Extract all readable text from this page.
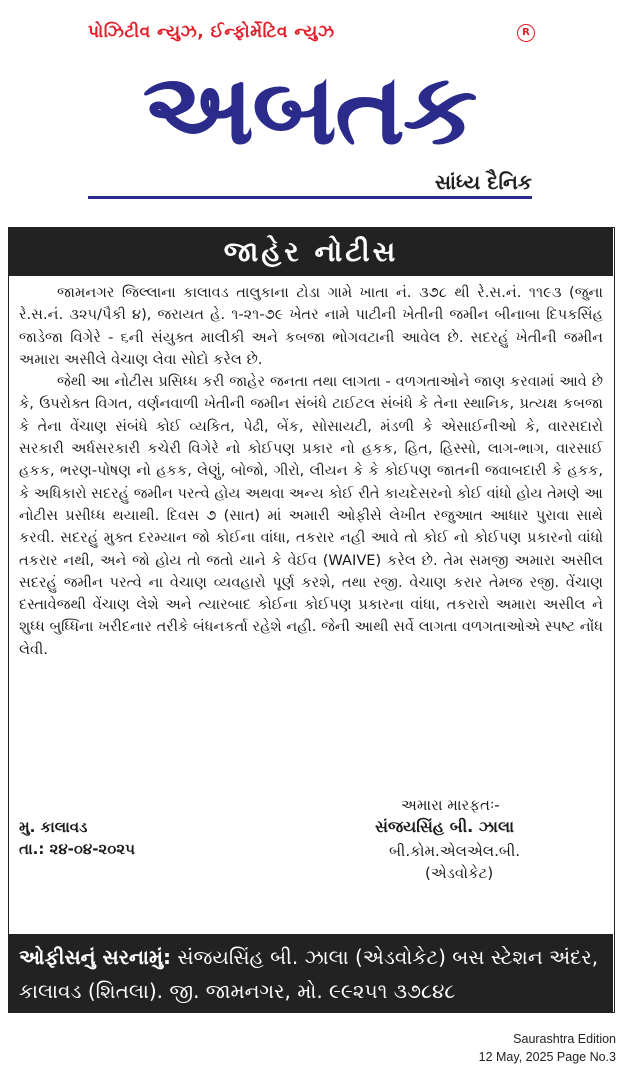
પોઝિટીવ ન્યુઝ, ઈન્ફોર્મેટિવ ન્યુઝ	R
અબતક
સાંધ્ય દૈનિક
જાહેર નોટીસ

જામનગર જિલ્લાના કાલાવડ તાલુકાના ટોડા ગામે ખાતા નં. ૩૭૮ થી રે.સ.નં. ૧૧૯૩ (જુના રે.સ.નં. ૩૨૫/પૈકી ૪), જરાયત હે. ૧-૨૧-૭૯ ખેતર નામે પાટીની ખેતીની જમીન બીનાબા દિપકસિંહ જાડેજા વિગેરે - ૬ની સંયુક્ત માલીકી અને કબજા ભોગવટાની આવેલ છે. સદરહું ખેતીની જમીન અમારા અસીલે વેચાણ લેવા સોદો કરેલ છે.

જેથી આ નોટીસ પ્રસિધ્ધ કરી જાહેર જનતા તથા લાગતા - વળગતાઓને જાણ કરવામાં આવે છે કે, ઉપરોક્ત વિગત, વર્ણનવાળી ખેતીની જમીન સંબંધે ટાઈટલ સંબંધે કે તેના સ્થાનિક, પ્રત્યક્ષ કબજા કે તેના વેંચાણ સંબંધે કોઈ વ્યકિત, પેઢી, બેંક, સોસાયટી, મંડળી કે એસાઈનીઓ કે, વારસદારો સરકારી અર્ધસરકારી કચેરી વિગેરે નો કોઈપણ પ્રકાર નો હકક, હિત, હિસ્સો, લાગ-ભાગ, વારસાઈ હકક, ભરણ-પોષણ નો હકક, લેણું, બોજો, ગીરો, લીયન કે કે કોઈપણ જાતની જવાબદારી કે હકક, કે અધિકારો સદરહું જમીન પરત્વે હોય અથવા અન્ય કોઈ રીતે કાયદેસરનો કોઈ વાંધો હોય તેમણે આ નોટીસ પ્રસીધ્ધ થયાથી. દિવસ ૭ (સાત) માં અમારી ઓફીસે લેખીત રજુઆત આધાર પુરાવા સાથે કરવી. સદરહું મુક્ત દરમ્યાન જો કોઈના વાંધા, તકરાર નહી આવે તો કોઈ નો કોઈપણ પ્રકારનો વાંધો તકરાર નથી, અને જો હોય તો જતો યાને કે વેઈવ (WAIVE) કરેલ છે. તેમ સમજી અમારા અસીલ સદરહું જમીન પરત્વે ના વેચાણ વ્યવહારો પૂર્ણ કરશે, તથા રજી. વેચાણ કરાર તેમજ રજી. વેંચાણ દસ્તાવેજથી વેંચાણ લેશે અને ત્યારબાદ કોઈના કોઈપણ પ્રકારના વાંધા, તકરારો અમારા અસીલ ને શુધ્ધ બુધ્ધિના ખરીદનાર તરીકે બંધનકર્તા રહેશે નહી. જેની આથી સર્વે લાગતા વળગતાઓએ સ્પષ્ટ નોંધ લેવી.

અમારા મારફતઃ-
મુ. કાલાવડ
તા.: ૨૪-૦૪-૨૦૨૫
સંજયસિંહ બી. ઝાલા
બી.કોમ.એલએલ.બી.
(એડવોકેટ)
ઓફીસનું સરનામું: સંજયસિંહ બી. ઝાલા (એડવોકેટ) બસ સ્ટેશન અંદર, કાલાવડ (શિતલા). જી. જામનગર, મો. ૯૯૨૫૧ ૩૭૮૪૮
Saurashtra Edition
12 May, 2025 Page No.3
